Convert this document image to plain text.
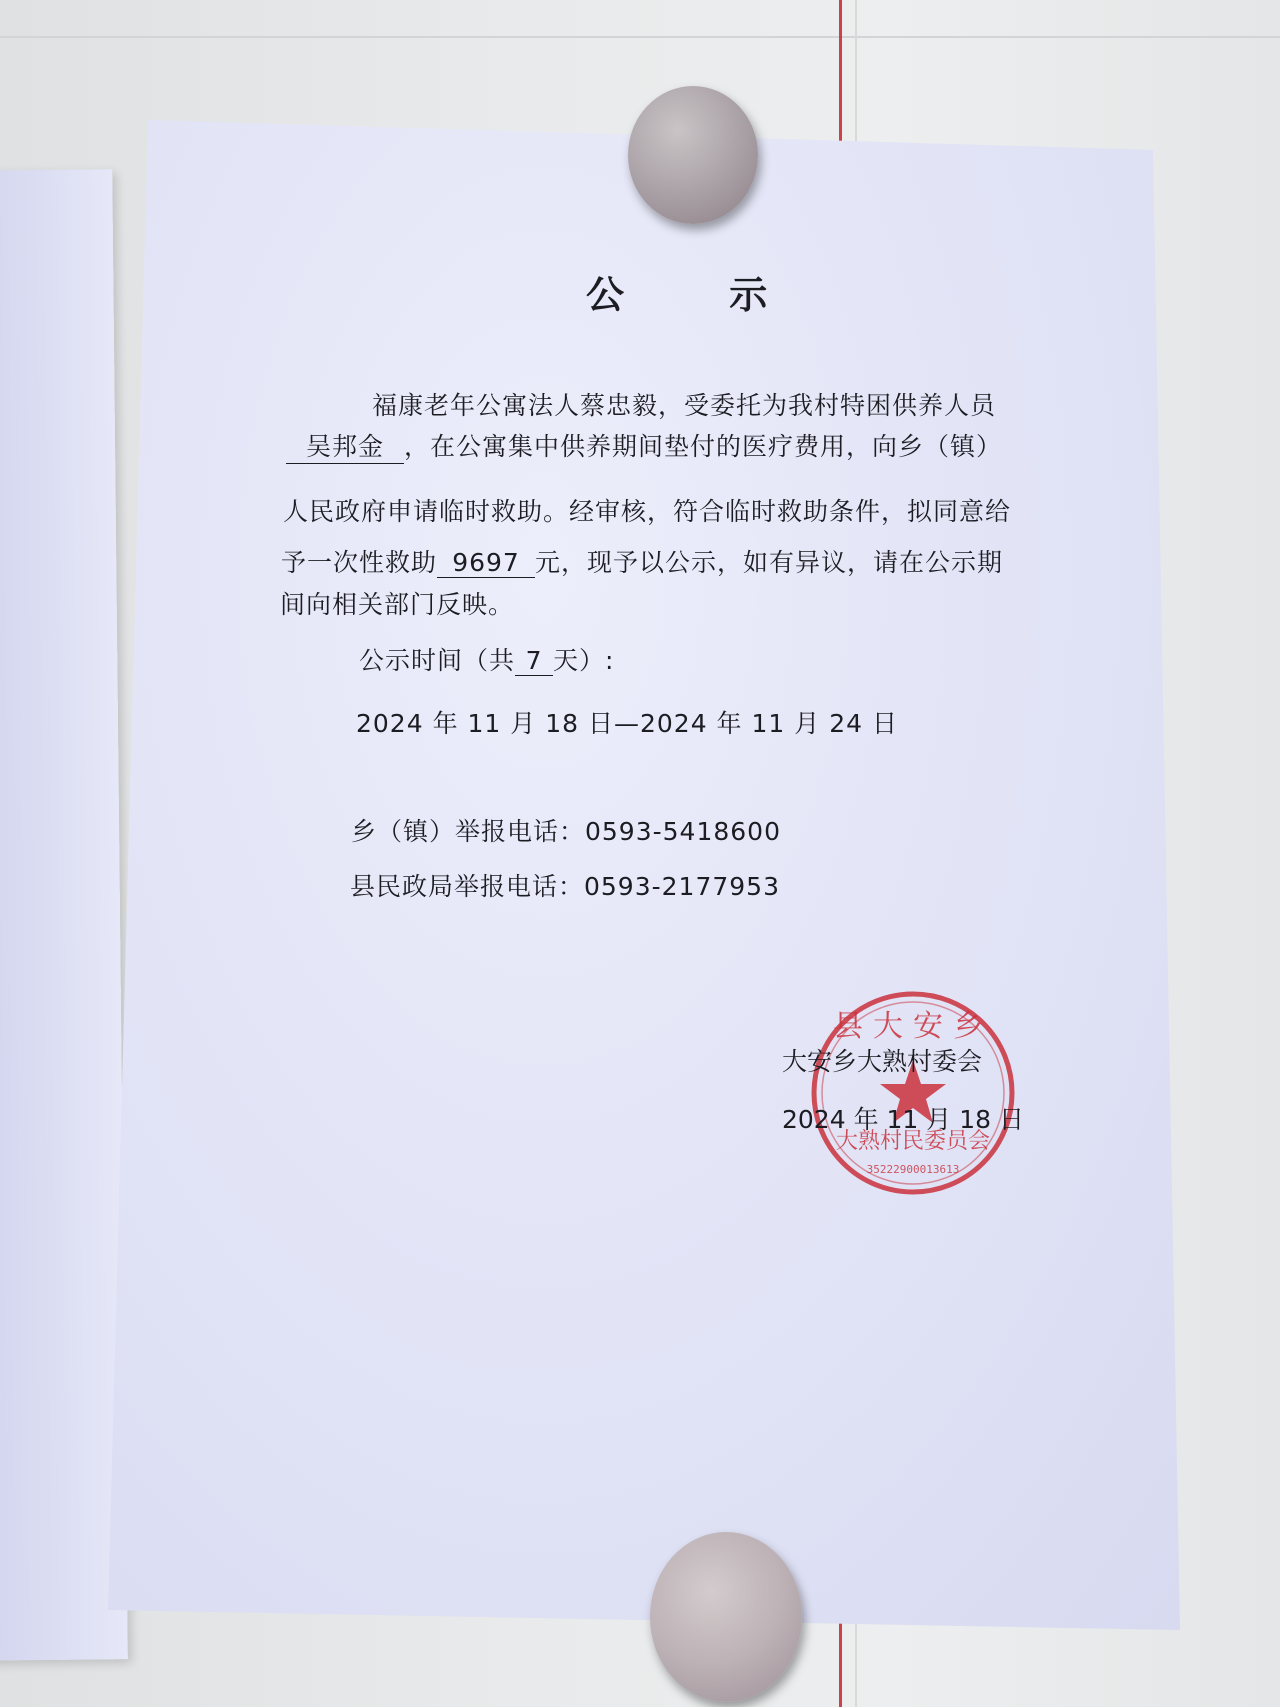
公 示
福康老年公寓法人蔡忠毅，受委托为我村特困供养人员
吴邦金 ，在公寓集中供养期间垫付的医疗费用，向乡（镇）
人民政府申请临时救助。经审核，符合临时救助条件，拟同意给
予一次性救助 9697 元，现予以公示，如有异议，请在公示期
间向相关部门反映。
公示时间（共 7 天）:
2024 年 11 月 18 日—2024 年 11 月 24 日
乡（镇）举报电话：0593-5418600
县民政局举报电话：0593-2177953
县大安乡
大熟村民委员会
35222900013613
大安乡大熟村委会
2024 年 11 月 18 日
